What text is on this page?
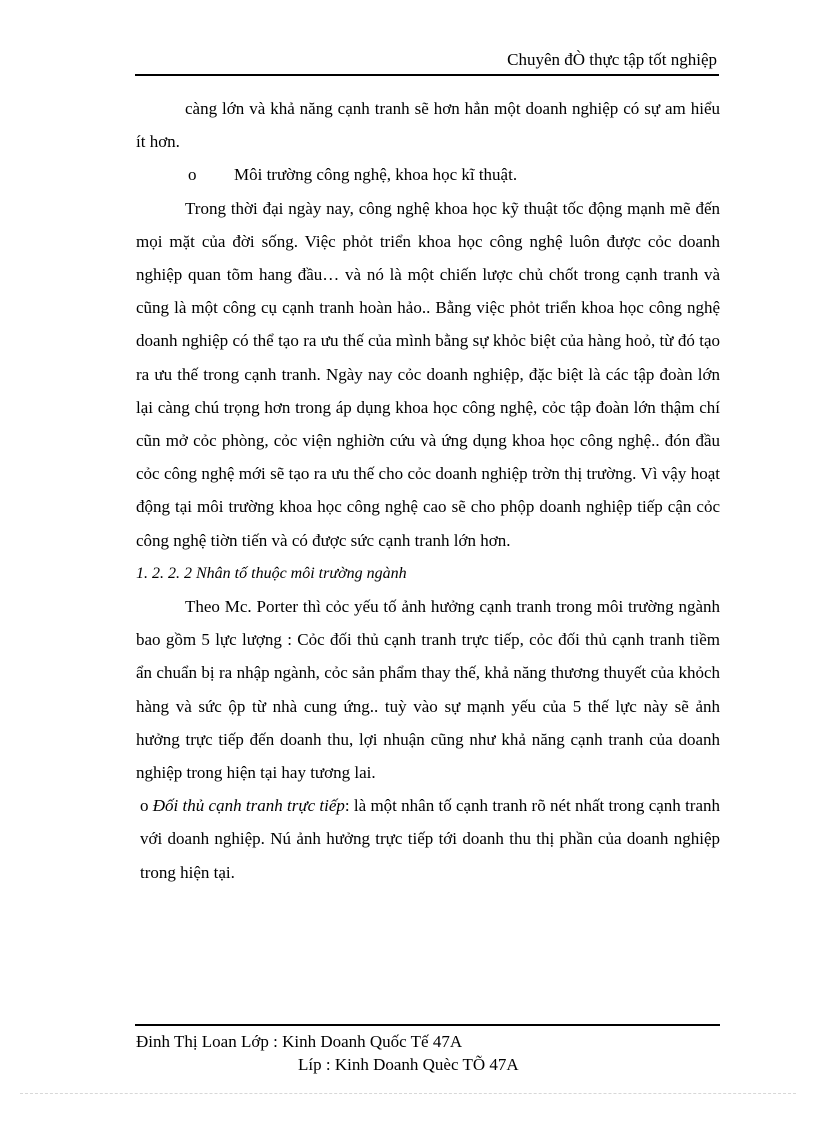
Chuyên đÒ thực tập tốt nghiệp

càng lớn và khả năng cạnh tranh sẽ hơn hẳn một doanh nghiệp có sự am hiểu ít hơn.

o Môi trường công nghệ, khoa học kĩ thuật.

Trong thời đại ngày nay, công nghệ khoa học kỹ thuật tốc động mạnh mẽ đến mọi mặt của đời sống. Việc phỏt triển khoa học công nghệ luôn được cỏc doanh nghiệp quan tõm hang đầu… và nó là một chiến lược chủ chốt trong cạnh tranh và cũng là một công cụ cạnh tranh hoàn hảo.. Bằng việc phỏt triển khoa học công nghệ doanh nghiệp có thể tạo ra ưu thế của mình bằng sự khỏc biệt của hàng hoỏ, từ đó tạo ra ưu thế trong cạnh tranh. Ngày nay cỏc doanh nghiệp, đặc biệt là các tập đoàn lớn lại càng chú trọng hơn trong áp dụng khoa học công nghệ, cỏc tập đoàn lớn thậm chí cũn mở cỏc phòng, cỏc viện nghiờn cứu và ứng dụng khoa học công nghệ.. đón đầu cỏc công nghệ mới sẽ tạo ra ưu thế cho cỏc doanh nghiệp trờn thị trường. Vì vậy hoạt động tại môi trường khoa học công nghệ cao sẽ cho phộp doanh nghiệp tiếp cận cỏc công nghệ tiờn tiến và có được sức cạnh tranh lớn hơn.

1. 2. 2. 2 Nhân tố thuộc môi trường ngành

Theo Mc. Porter thì cỏc yếu tố ảnh hưởng cạnh tranh trong môi trường ngành bao gồm 5 lực lượng : Cỏc đối thủ cạnh tranh trực tiếp, cỏc đối thủ cạnh tranh tiềm ẩn chuẩn bị ra nhập ngành, cỏc sản phẩm thay thế, khả năng thương thuyết của khỏch hàng và sức ộp từ nhà cung ứng.. tuỳ vào sự mạnh yếu của 5 thế lực này sẽ ảnh hưởng trực tiếp đến doanh thu, lợi nhuận cũng như khả năng cạnh tranh của doanh nghiệp trong hiện tại hay tương lai.

o Đối thủ cạnh tranh trực tiếp: là một nhân tố cạnh tranh rõ nét nhất trong cạnh tranh với doanh nghiệp. Nú ảnh hưởng trực tiếp tới doanh thu thị phần của doanh nghiệp trong hiện tại.

Đinh Thị Loan Lớp : Kinh Doanh Quốc Tế 47A
Líp : Kinh Doanh Quèc TÕ 47A
